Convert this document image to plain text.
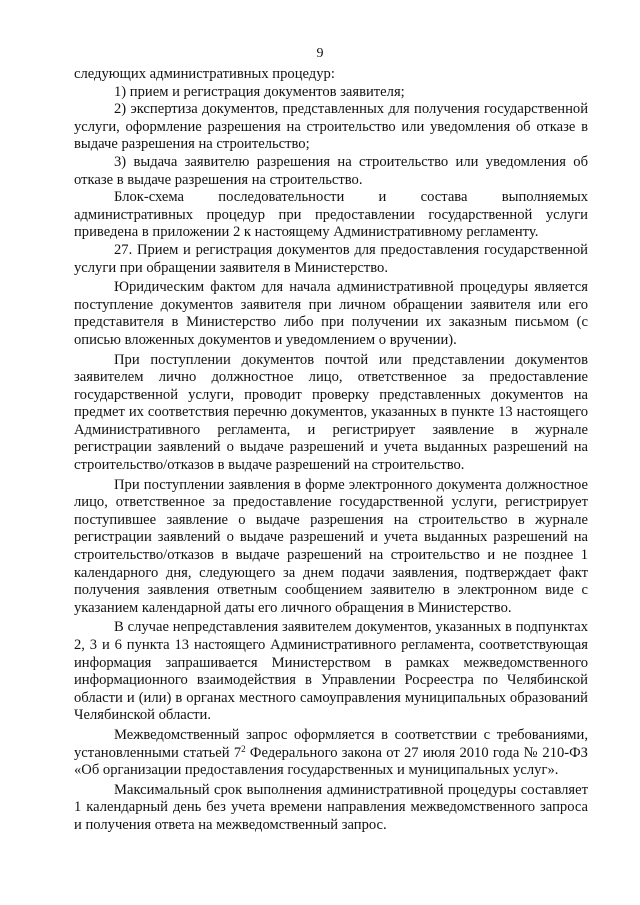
9

следующих административных процедур:

1) прием и регистрация документов заявителя;

2) экспертиза документов, представленных для получения государственной услуги, оформление разрешения на строительство или уведомления об отказе в выдаче разрешения на строительство;

3) выдача заявителю разрешения на строительство или уведомления об отказе в выдаче разрешения на строительство.

Блок-схема последовательности и состава выполняемых административных процедур при предоставлении государственной услуги приведена в приложении 2 к настоящему Административному регламенту.

27. Прием и регистрация документов для предоставления государственной услуги при обращении заявителя в Министерство.

Юридическим фактом для начала административной процедуры является поступление документов заявителя при личном обращении заявителя или его представителя в Министерство либо при получении их заказным письмом (с описью вложенных документов и уведомлением о вручении).

При поступлении документов почтой или представлении документов заявителем лично должностное лицо, ответственное за предоставление государственной услуги, проводит проверку представленных документов на предмет их соответствия перечню документов, указанных в пункте 13 настоящего Административного регламента, и регистрирует заявление в журнале регистрации заявлений о выдаче разрешений и учета выданных разрешений на строительство/отказов в выдаче разрешений на строительство.

При поступлении заявления в форме электронного документа должностное лицо, ответственное за предоставление государственной услуги, регистрирует поступившее заявление о выдаче разрешения на строительство в журнале регистрации заявлений о выдаче разрешений и учета выданных разрешений на строительство/отказов в выдаче разрешений на строительство и не позднее 1 календарного дня, следующего за днем подачи заявления, подтверждает факт получения заявления ответным сообщением заявителю в электронном виде с указанием календарной даты его личного обращения в Министерство.

В случае непредставления заявителем документов, указанных в подпунктах 2, 3 и 6 пункта 13 настоящего Административного регламента, соответствующая информация запрашивается Министерством в рамках межведомственного информационного взаимодействия в Управлении Росреестра по Челябинской области и (или) в органах местного самоуправления муниципальных образований Челябинской области.

Межведомственный запрос оформляется в соответствии с требованиями, установленными статьей $7^2$ Федерального закона от 27 июля 2010 года № 210-ФЗ «Об организации предоставления государственных и муниципальных услуг».

Максимальный срок выполнения административной процедуры составляет 1 календарный день без учета времени направления межведомственного запроса и получения ответа на межведомственный запрос.
